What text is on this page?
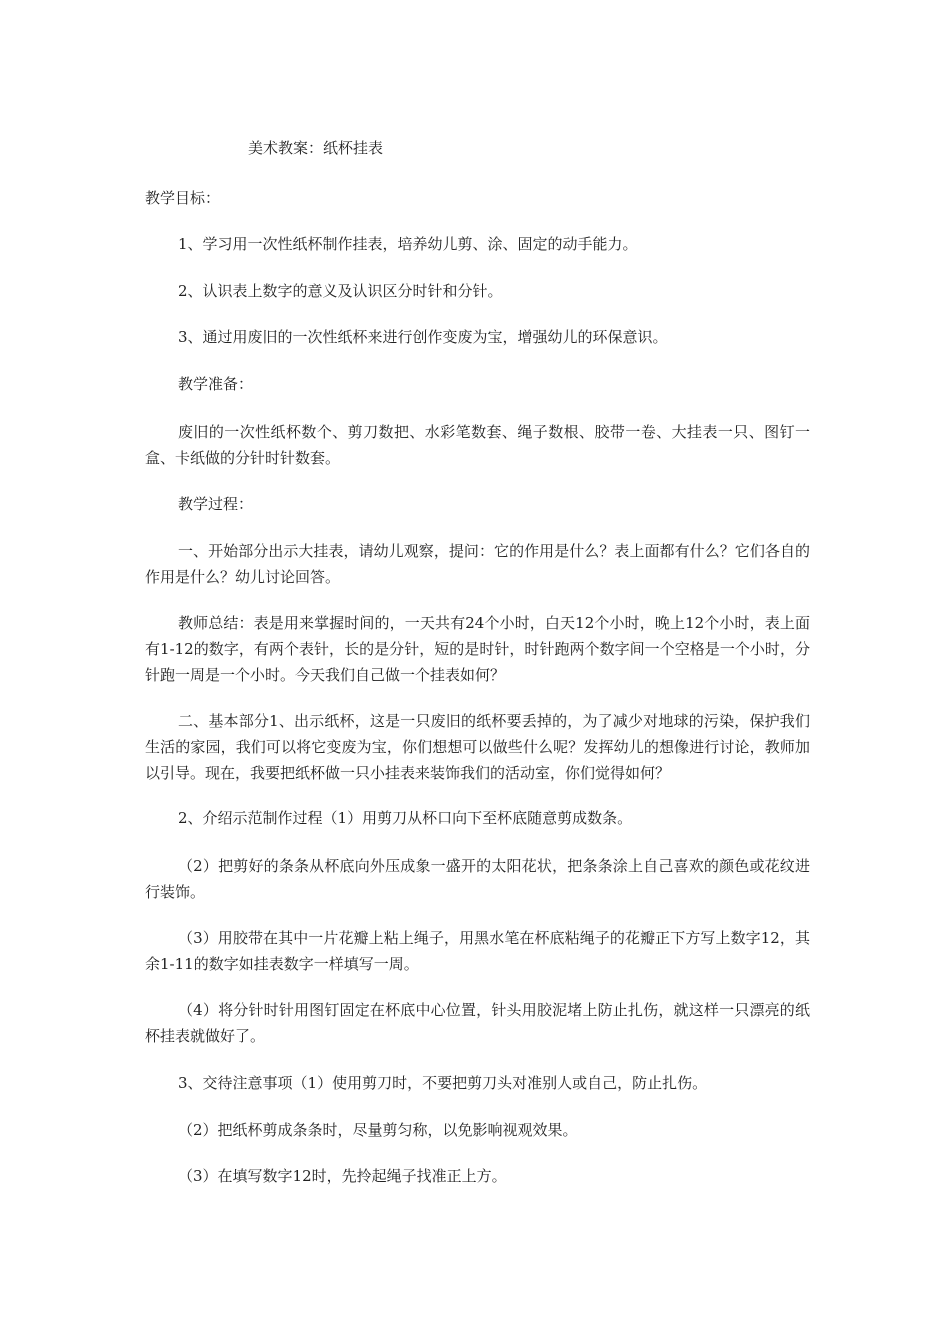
美术教案：纸杯挂表
教学目标：
1、学习用一次性纸杯制作挂表，培养幼儿剪、涂、固定的动手能力。
2、认识表上数字的意义及认识区分时针和分针。
3、通过用废旧的一次性纸杯来进行创作变废为宝，增强幼儿的环保意识。
教学准备：
废旧的一次性纸杯数个、剪刀数把、水彩笔数套、绳子数根、胶带一卷、大挂表一只、图钉一盒、卡纸做的分针时针数套。
教学过程：
一、开始部分出示大挂表，请幼儿观察，提问：它的作用是什么？表上面都有什么？它们各自的作用是什么？幼儿讨论回答。
教师总结：表是用来掌握时间的，一天共有24个小时，白天12个小时，晚上12个小时，表上面有1-12的数字，有两个表针，长的是分针，短的是时针，时针跑两个数字间一个空格是一个小时，分针跑一周是一个小时。今天我们自己做一个挂表如何？
二、基本部分1、出示纸杯，这是一只废旧的纸杯要丢掉的，为了减少对地球的污染，保护我们生活的家园，我们可以将它变废为宝，你们想想可以做些什么呢？发挥幼儿的想像进行讨论，教师加以引导。现在，我要把纸杯做一只小挂表来装饰我们的活动室，你们觉得如何？
2、介绍示范制作过程（1）用剪刀从杯口向下至杯底随意剪成数条。
（2）把剪好的条条从杯底向外压成象一盛开的太阳花状，把条条涂上自己喜欢的颜色或花纹进行装饰。
（3）用胶带在其中一片花瓣上粘上绳子，用黑水笔在杯底粘绳子的花瓣正下方写上数字12，其余1-11的数字如挂表数字一样填写一周。
（4）将分针时针用图钉固定在杯底中心位置，针头用胶泥堵上防止扎伤，就这样一只漂亮的纸杯挂表就做好了。
3、交待注意事项（1）使用剪刀时，不要把剪刀头对准别人或自己，防止扎伤。
（2）把纸杯剪成条条时，尽量剪匀称，以免影响视观效果。
（3）在填写数字12时，先拎起绳子找准正上方。
